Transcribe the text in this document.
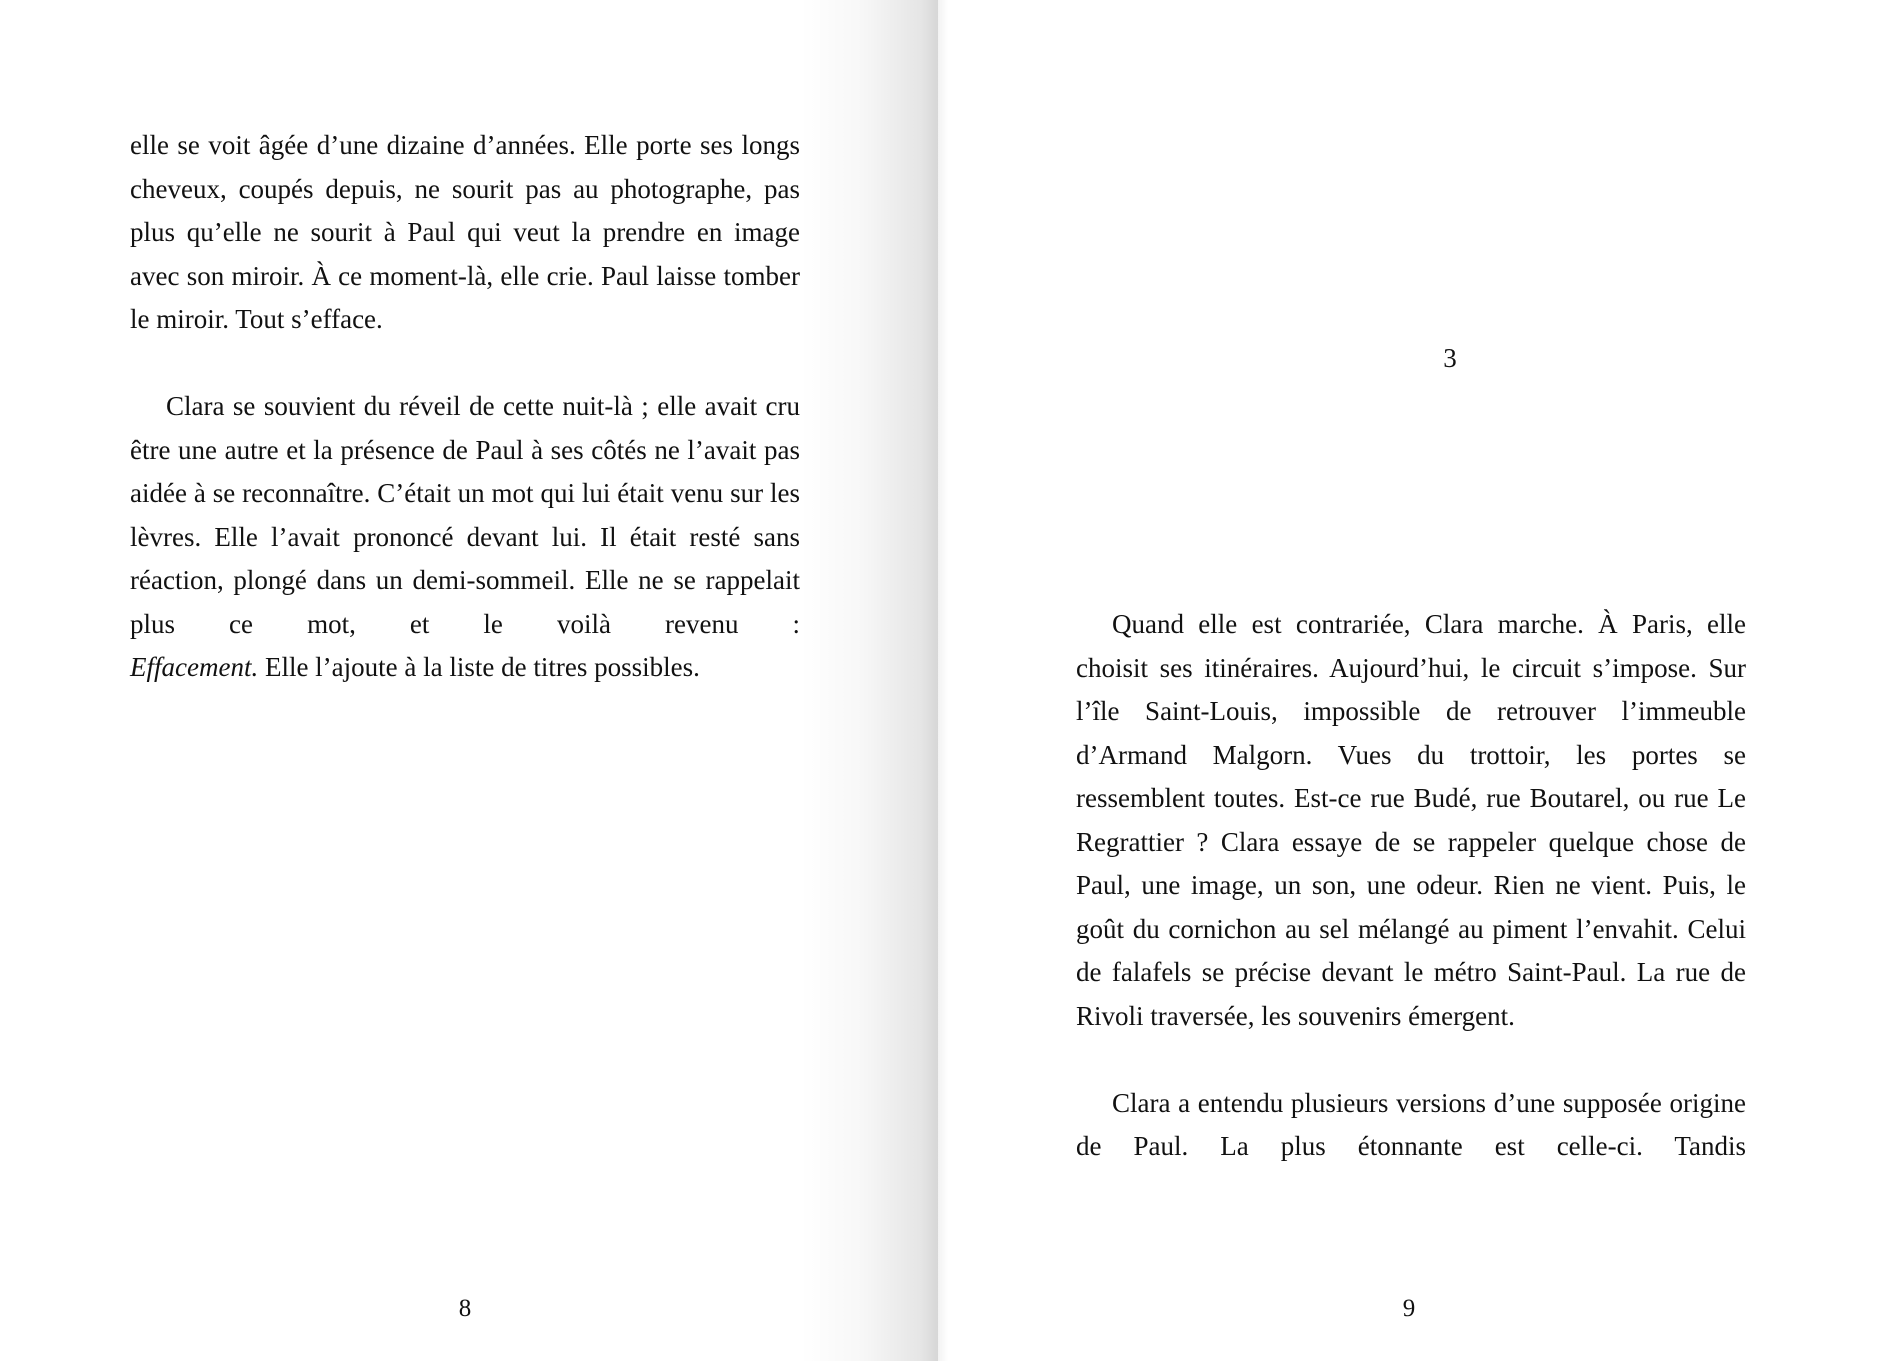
elle se voit âgée d’une dizaine d’années. Elle porte ses longs cheveux, coupés depuis, ne sourit pas au photographe, pas plus qu’elle ne sourit à Paul qui veut la prendre en image avec son miroir. À ce moment-là, elle crie. Paul laisse tomber le miroir. Tout s’efface.

Clara se souvient du réveil de cette nuit-là ; elle avait cru être une autre et la présence de Paul à ses côtés ne l’avait pas aidée à se reconnaître. C’était un mot qui lui était venu sur les lèvres. Elle l’avait prononcé devant lui. Il était resté sans réaction, plongé dans un demi-sommeil. Elle ne se rappelait plus ce mot, et le voilà revenu :

Effacement. Elle l’ajoute à la liste de titres possibles.

8
3

Quand elle est contrariée, Clara marche. À Paris, elle choisit ses itinéraires. Aujourd’hui, le circuit s’impose. Sur l’île Saint-Louis, impossible de retrouver l’immeuble d’Armand Malgorn. Vues du trottoir, les portes se ressemblent toutes. Est-ce rue Budé, rue Boutarel, ou rue Le Regrattier ? Clara essaye de se rappeler quelque chose de Paul, une image, un son, une odeur. Rien ne vient. Puis, le goût du cornichon au sel mélangé au piment l’envahit. Celui de falafels se précise devant le métro Saint-Paul. La rue de Rivoli traversée, les souvenirs émergent.

Clara a entendu plusieurs versions d’une supposée origine de Paul. La plus étonnante est celle-ci. Tandis

9
